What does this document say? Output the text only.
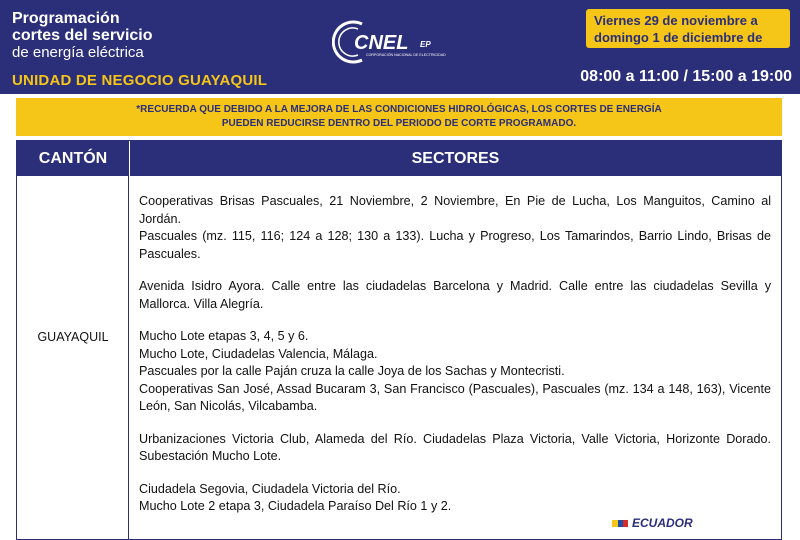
Programación
cortes del servicio
de energía eléctrica
UNIDAD DE NEGOCIO GUAYAQUIL
CNEL EP
CORPORACIÓN NACIONAL DE ELECTRICIDAD
Viernes 29 de noviembre a
domingo 1 de diciembre de 2024
08:00 a 11:00 / 15:00 a 19:00
*RECUERDA QUE DEBIDO A LA MEJORA DE LAS CONDICIONES HIDROLÓGICAS, LOS CORTES DE ENERGÍA
PUEDEN REDUCIRSE DENTRO DEL PERIODO DE CORTE PROGRAMADO.
CANTÓN	SECTORES
GUAYAQUIL

Cooperativas Brisas Pascuales, 21 Noviembre, 2 Noviembre, En Pie de Lucha, Los Manguitos, Camino al Jordán.
Pascuales (mz. 115, 116; 124 a 128; 130 a 133). Lucha y Progreso, Los Tamarindos, Barrio Lindo, Brisas de Pascuales.

Avenida Isidro Ayora. Calle entre las ciudadelas Barcelona y Madrid. Calle entre las ciudadelas Sevilla y Mallorca. Villa Alegría.

Mucho Lote etapas 3, 4, 5 y 6.
Mucho Lote, Ciudadelas Valencia, Málaga.
Pascuales por la calle Paján cruza la calle Joya de los Sachas y Montecristi.
Cooperativas San José, Assad Bucaram 3, San Francisco (Pascuales), Pascuales (mz. 134 a 148, 163), Vicente León, San Nicolás, Vilcabamba.

Urbanizaciones Victoria Club, Alameda del Río. Ciudadelas Plaza Victoria, Valle Victoria, Horizonte Dorado. Subestación Mucho Lote.

Ciudadela Segovia, Ciudadela Victoria del Río.
Mucho Lote 2 etapa 3, Ciudadela Paraíso Del Río 1 y 2.

ECUADOR
